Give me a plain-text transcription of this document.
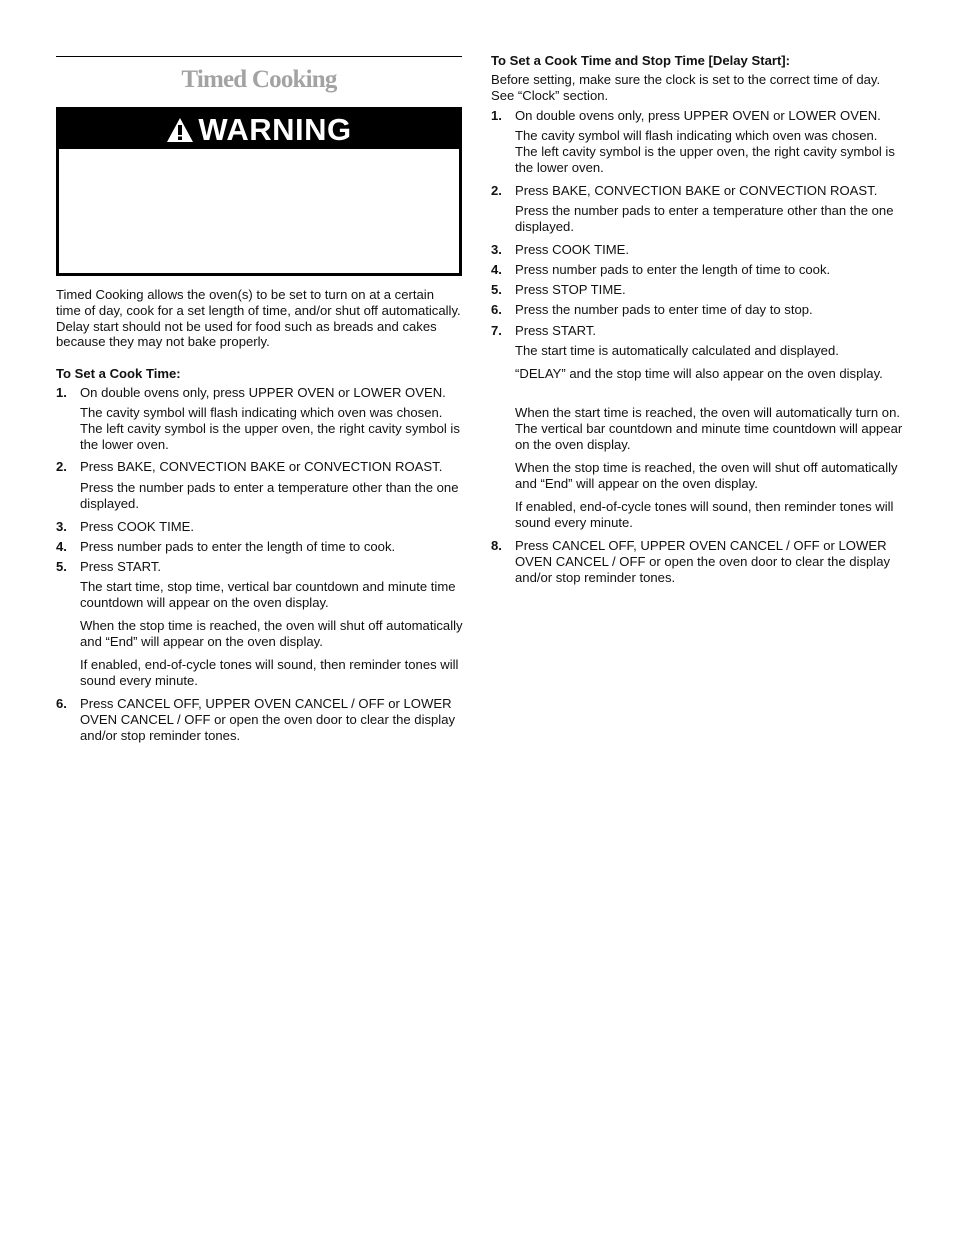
Timed Cooking
WARNING

Timed Cooking allows the oven(s) to be set to turn on at a certain time of day, cook for a set length of time, and/or shut off automatically. Delay start should not be used for food such as breads and cakes because they may not bake properly.

To Set a Cook Time:

1. On double ovens only, press UPPER OVEN or LOWER OVEN.

The cavity symbol will flash indicating which oven was chosen. The left cavity symbol is the upper oven, the right cavity symbol is the lower oven.

2. Press BAKE, CONVECTION BAKE or CONVECTION ROAST.

Press the number pads to enter a temperature other than the one displayed.

3. Press COOK TIME.
4. Press number pads to enter the length of time to cook.
5. Press START.

The start time, stop time, vertical bar countdown and minute time countdown will appear on the oven display.

When the stop time is reached, the oven will shut off automatically and “End” will appear on the oven display.

If enabled, end-of-cycle tones will sound, then reminder tones will sound every minute.

6. Press CANCEL OFF, UPPER OVEN CANCEL / OFF or LOWER OVEN CANCEL / OFF or open the oven door to clear the display and/or stop reminder tones.

To Set a Cook Time and Stop Time [Delay Start]:

Before setting, make sure the clock is set to the correct time of day. See “Clock” section.

1. On double ovens only, press UPPER OVEN or LOWER OVEN.

The cavity symbol will flash indicating which oven was chosen. The left cavity symbol is the upper oven, the right cavity symbol is the lower oven.

2. Press BAKE, CONVECTION BAKE or CONVECTION ROAST.

Press the number pads to enter a temperature other than the one displayed.

3. Press COOK TIME.
4. Press number pads to enter the length of time to cook.
5. Press STOP TIME.
6. Press the number pads to enter time of day to stop.
7. Press START.

The start time is automatically calculated and displayed.

“DELAY” and the stop time will also appear on the oven display.

When the start time is reached, the oven will automatically turn on. The vertical bar countdown and minute time countdown will appear on the oven display.

When the stop time is reached, the oven will shut off automatically and “End” will appear on the oven display.

If enabled, end-of-cycle tones will sound, then reminder tones will sound every minute.

8. Press CANCEL OFF, UPPER OVEN CANCEL / OFF or LOWER OVEN CANCEL / OFF or open the oven door to clear the display and/or stop reminder tones.
